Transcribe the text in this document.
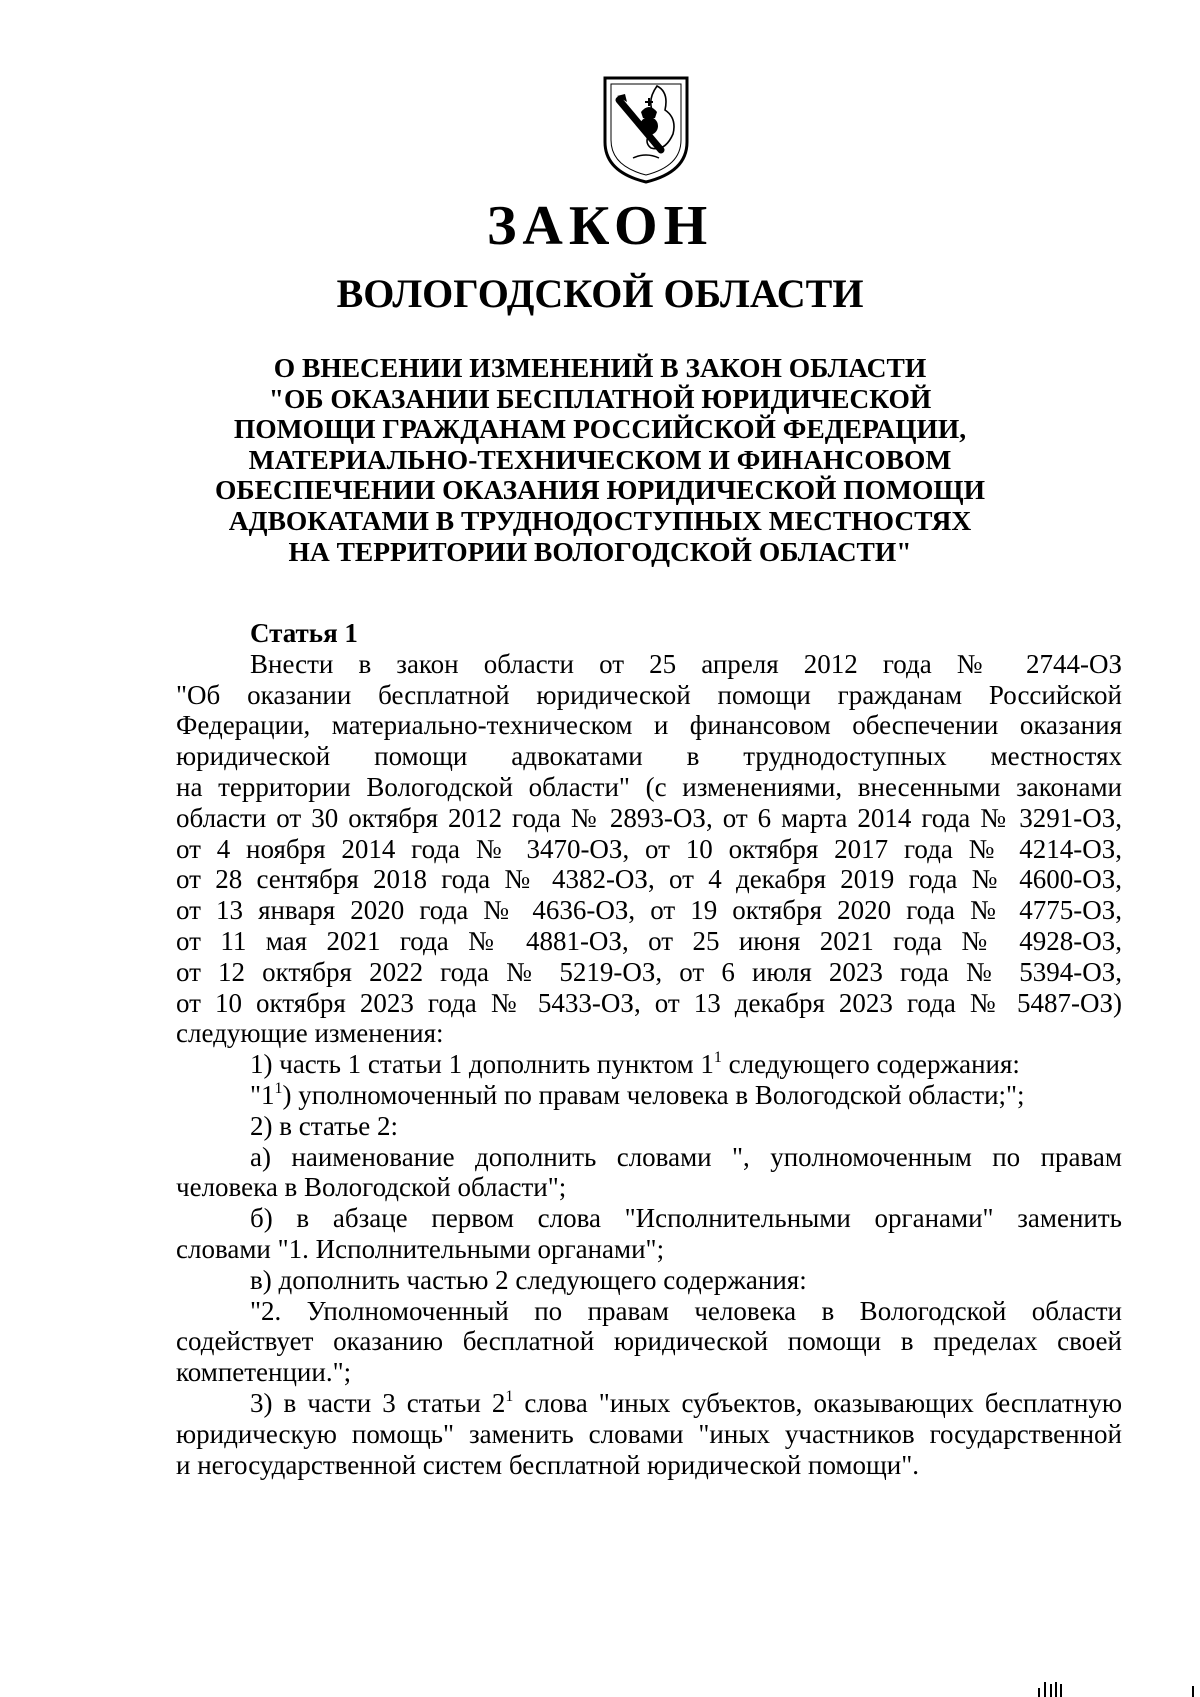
ЗАКОН
ВОЛОГОДСКОЙ ОБЛАСТИ
О ВНЕСЕНИИ ИЗМЕНЕНИЙ В ЗАКОН ОБЛАСТИ
"ОБ ОКАЗАНИИ БЕСПЛАТНОЙ ЮРИДИЧЕСКОЙ
ПОМОЩИ ГРАЖДАНАМ РОССИЙСКОЙ ФЕДЕРАЦИИ,
МАТЕРИАЛЬНО-ТЕХНИЧЕСКОМ И ФИНАНСОВОМ
ОБЕСПЕЧЕНИИ ОКАЗАНИЯ ЮРИДИЧЕСКОЙ ПОМОЩИ
АДВОКАТАМИ В ТРУДНОДОСТУПНЫХ МЕСТНОСТЯХ
НА ТЕРРИТОРИИ ВОЛОГОДСКОЙ ОБЛАСТИ"
Статья 1
Внести в закон области от 25 апреля 2012 года № 2744-ОЗ
"Об оказании бесплатной юридической помощи гражданам Российской
Федерации, материально-техническом и финансовом обеспечении оказания
юридической помощи адвокатами в труднодоступных местностях
на территории Вологодской области" (с изменениями, внесенными законами
области от 30 октября 2012 года № 2893-ОЗ, от 6 марта 2014 года № 3291-ОЗ,
от 4 ноября 2014 года № 3470-ОЗ, от 10 октября 2017 года № 4214-ОЗ,
от 28 сентября 2018 года № 4382-ОЗ, от 4 декабря 2019 года № 4600-ОЗ,
от 13 января 2020 года № 4636-ОЗ, от 19 октября 2020 года № 4775-ОЗ,
от 11 мая 2021 года № 4881-ОЗ, от 25 июня 2021 года № 4928-ОЗ,
от 12 октября 2022 года № 5219-ОЗ, от 6 июля 2023 года № 5394-ОЗ,
от 10 октября 2023 года № 5433-ОЗ, от 13 декабря 2023 года № 5487-ОЗ)
следующие изменения:
1) часть 1 статьи 1 дополнить пунктом $1^1$ следующего содержания:
"$1^1$) уполномоченный по правам человека в Вологодской области;";
2) в статье 2:
а) наименование дополнить словами ", уполномоченным по правам
человека в Вологодской области";
б) в абзаце первом слова "Исполнительными органами" заменить
словами "1. Исполнительными органами";
в) дополнить частью 2 следующего содержания:
"2. Уполномоченный по правам человека в Вологодской области
содействует оказанию бесплатной юридической помощи в пределах своей
компетенции.";
3) в части 3 статьи $2^1$ слова "иных субъектов, оказывающих бесплатную
юридическую помощь" заменить словами "иных участников государственной
и негосударственной систем бесплатной юридической помощи".
